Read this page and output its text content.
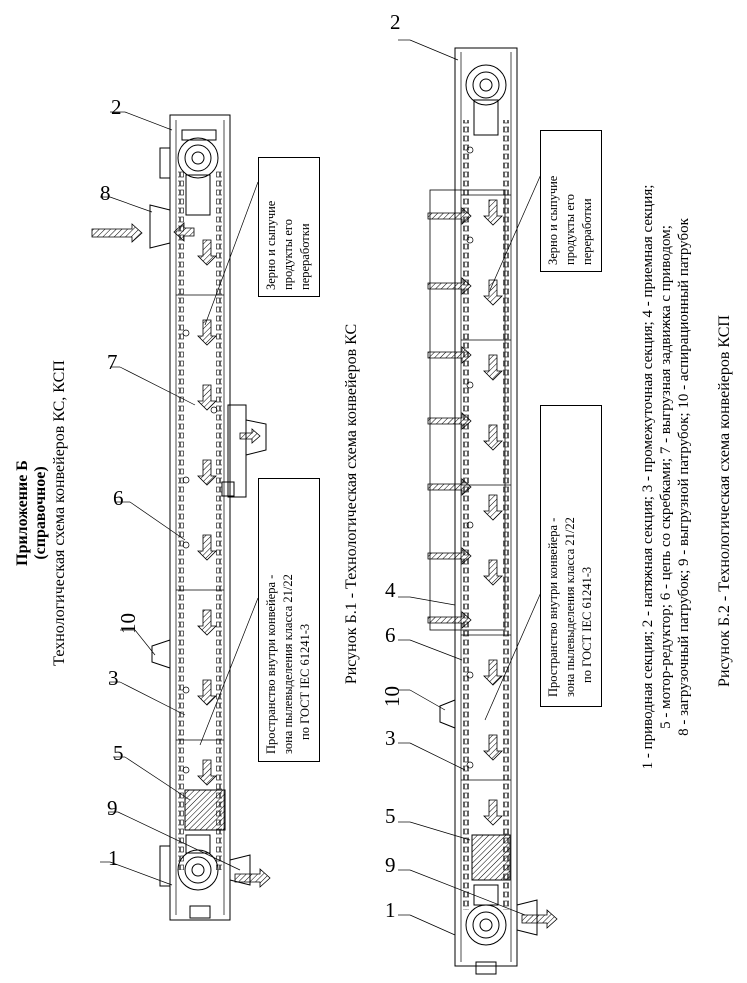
Приложение Б (справочное) Технологическая схема конвейеров КС, КСП	Рисунок Б.1 - Технологическая схема конвейеров КС
1
9
5
3
10
6
7
8
2
Зерно и сыпучие продукты его переработки
Пространство внутри конвейера - зона пылевыделения класса 21/22 по ГОСТ IEC 61241-3
1
9
5
3
10
6
4
2
Зерно и сыпучие продукты его переработки
Пространство внутри конвейера - зона пылевыделения класса 21/22 по ГОСТ IEC 61241-3	1 - приводная секция; 2 - натяжная секция; 3 - промежуточная секция; 4 - приемная секция; 5 - мотор-редуктор; 6 - цепь со скребками; 7 - выгрузная задвижка с приводом; 8 - загрузочный патрубок; 9 - выгрузной патрубок; 10 - аспирационный патрубок Рисунок Б.2 - Технологическая схема конвейеров КСП
